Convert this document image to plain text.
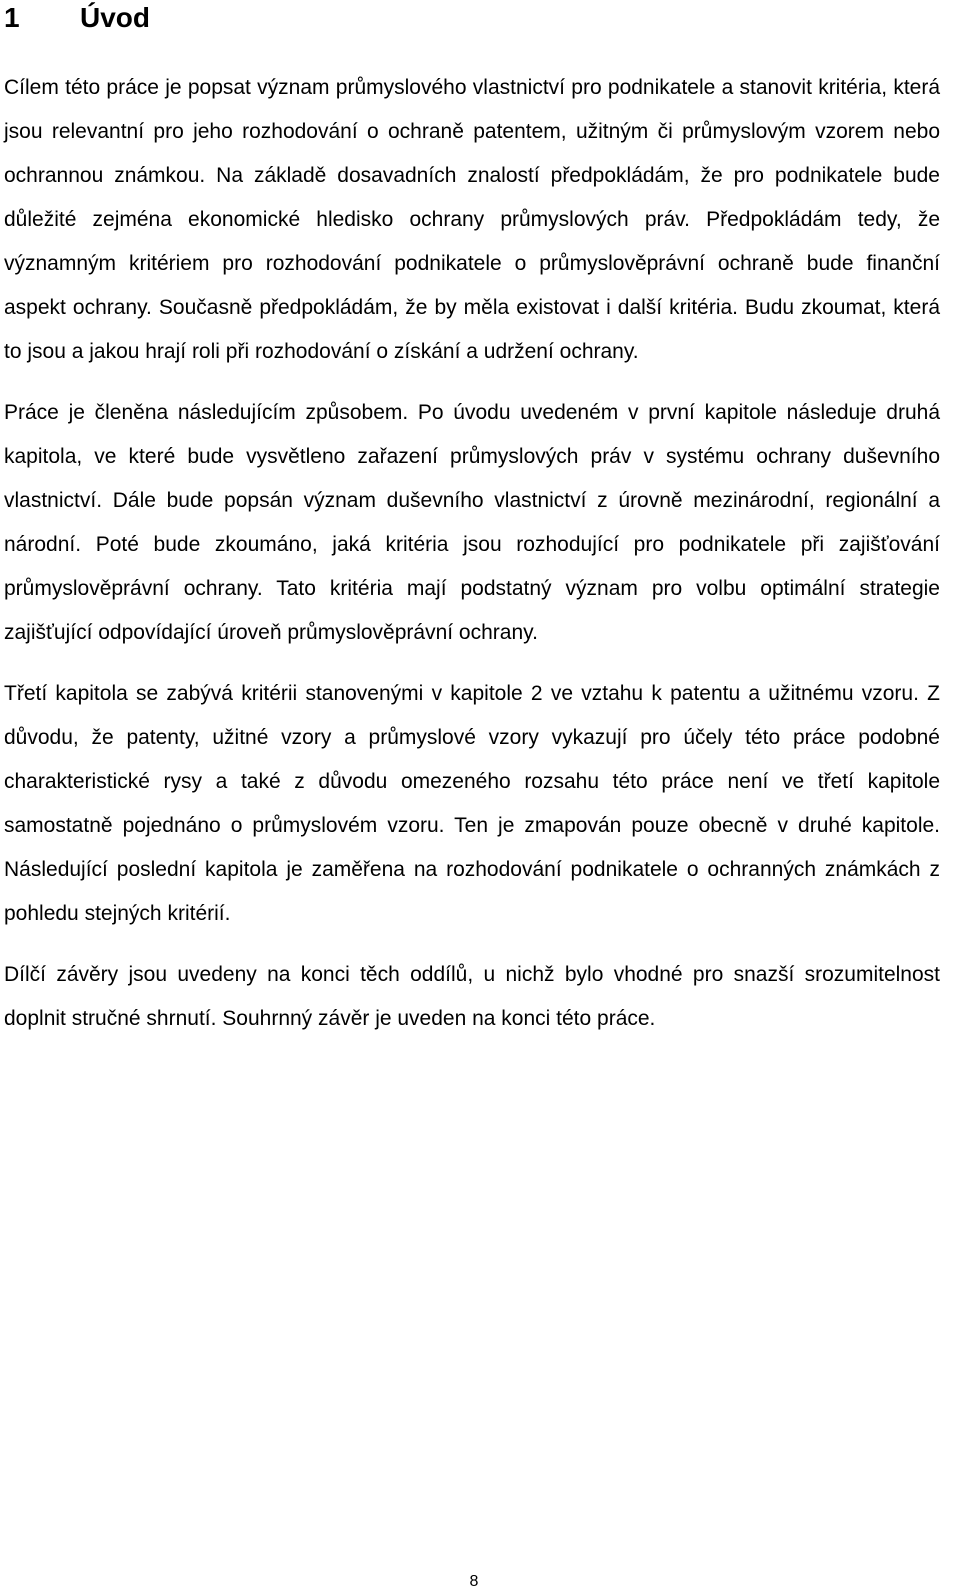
1 Úvod

Cílem této práce je popsat význam průmyslového vlastnictví pro podnikatele a stanovit kritéria, která jsou relevantní pro jeho rozhodování o ochraně patentem, užitným či průmyslovým vzorem nebo ochrannou známkou. Na základě dosavadních znalostí předpokládám, že pro podnikatele bude důležité zejména ekonomické hledisko ochrany průmyslových práv. Předpokládám tedy, že významným kritériem pro rozhodování podnikatele o průmyslověprávní ochraně bude finanční aspekt ochrany. Současně předpokládám, že by měla existovat i další kritéria. Budu zkoumat, která to jsou a jakou hrají roli při rozhodování o získání a udržení ochrany.

Práce je členěna následujícím způsobem. Po úvodu uvedeném v první kapitole následuje druhá kapitola, ve které bude vysvětleno zařazení průmyslových práv v systému ochrany duševního vlastnictví. Dále bude popsán význam duševního vlastnictví z úrovně mezinárodní, regionální a národní. Poté bude zkoumáno, jaká kritéria jsou rozhodující pro podnikatele při zajišťování průmyslověprávní ochrany. Tato kritéria mají podstatný význam pro volbu optimální strategie zajišťující odpovídající úroveň průmyslověprávní ochrany.

Třetí kapitola se zabývá kritérii stanovenými v kapitole 2 ve vztahu k patentu a užitnému vzoru. Z důvodu, že patenty, užitné vzory a průmyslové vzory vykazují pro účely této práce podobné charakteristické rysy a také z důvodu omezeného rozsahu této práce není ve třetí kapitole samostatně pojednáno o průmyslovém vzoru. Ten je zmapován pouze obecně v druhé kapitole. Následující poslední kapitola je zaměřena na rozhodování podnikatele o ochranných známkách z pohledu stejných kritérií.

Dílčí závěry jsou uvedeny na konci těch oddílů, u nichž bylo vhodné pro snazší srozumitelnost doplnit stručné shrnutí. Souhrnný závěr je uveden na konci této práce.

8
